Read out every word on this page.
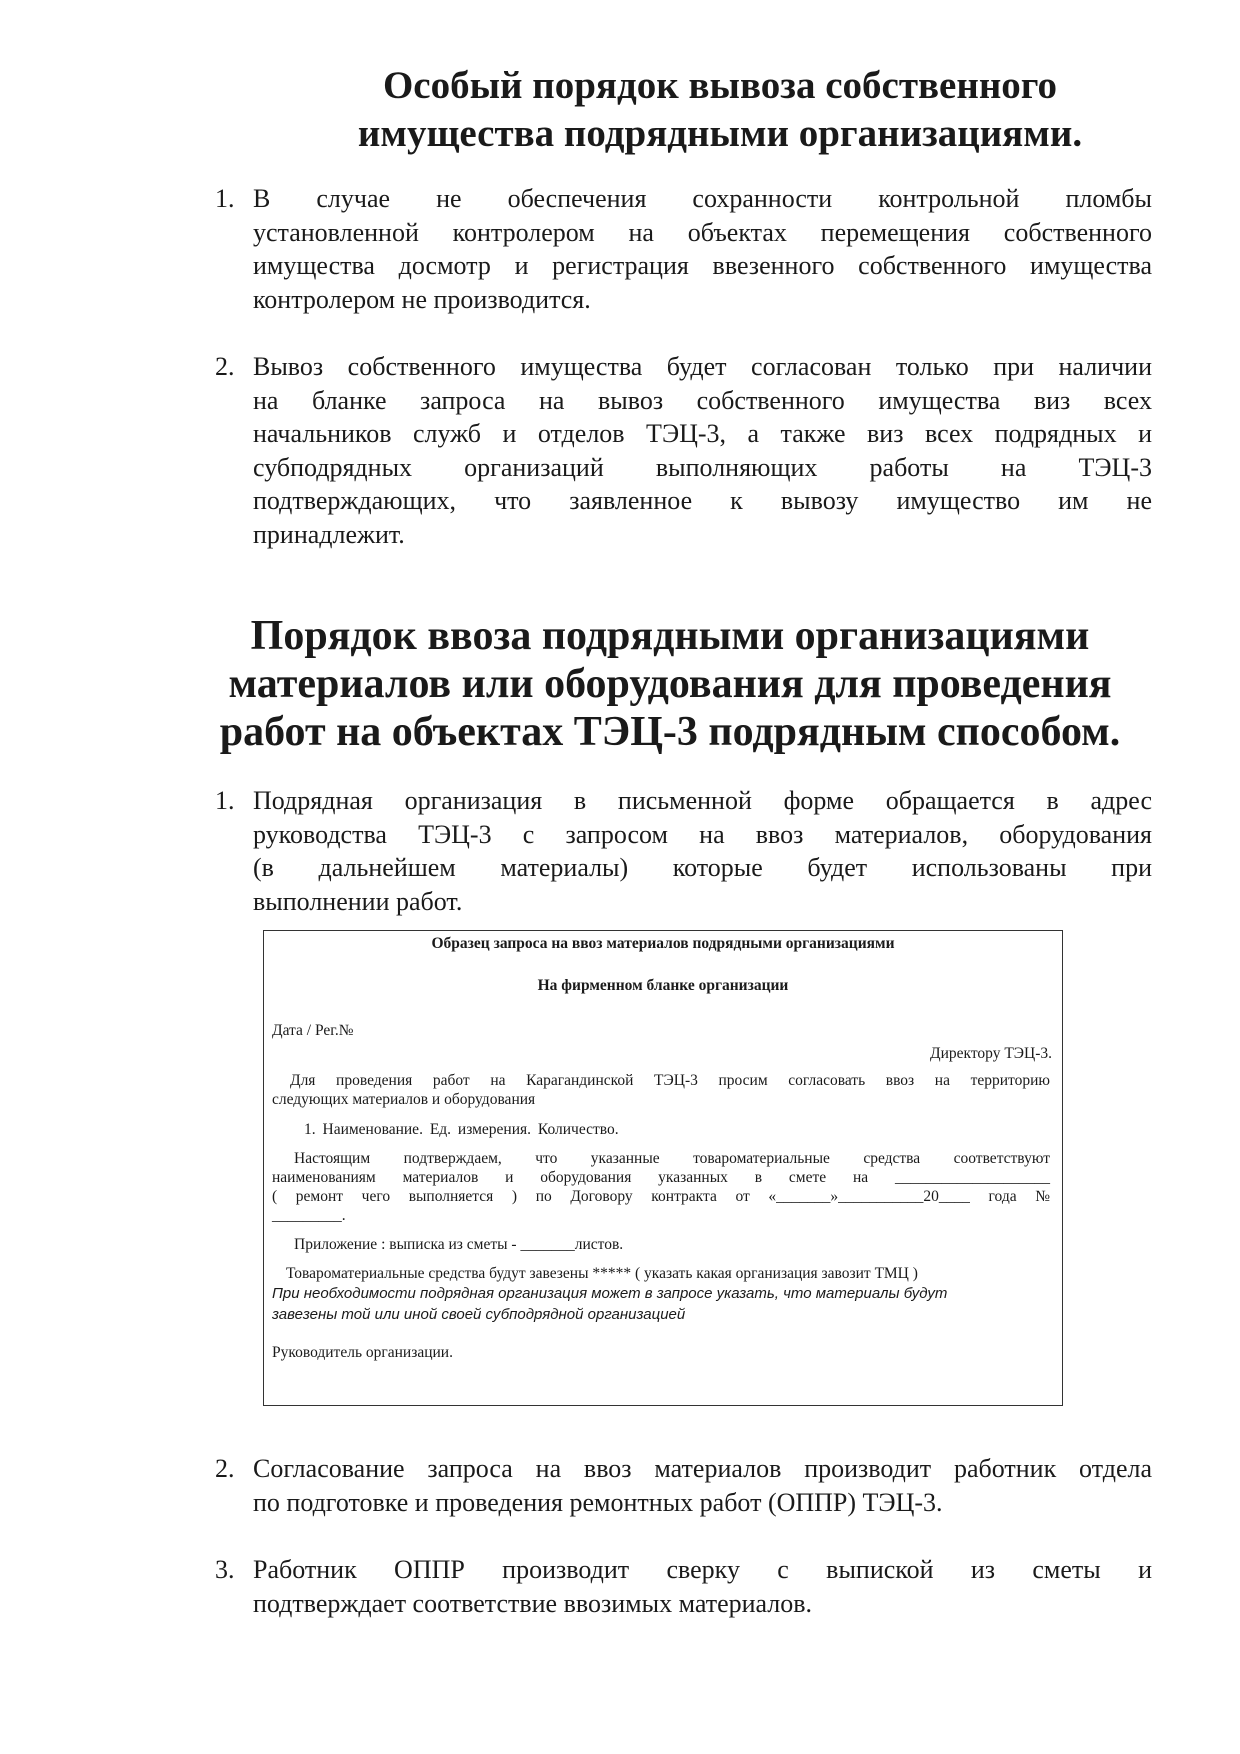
Особый порядок вывоза собственного
имущества подрядными организациями.
1. В случае не обеспечения сохранности контрольной пломбы
установленной контролером на объектах перемещения собственного
имущества досмотр и регистрация ввезенного собственного имущества
контролером не производится.
2. Вывоз собственного имущества будет согласован только при наличии
на бланке запроса на вывоз собственного имущества виз всех
начальников служб и отделов ТЭЦ-3, а также виз всех подрядных и
субподрядных организаций выполняющих работы на ТЭЦ-3
подтверждающих, что заявленное к вывозу имущество им не
принадлежит.
Порядок ввоза подрядными организациями
материалов или оборудования для проведения
работ на объектах ТЭЦ-3 подрядным способом.
1. Подрядная организация в письменной форме обращается в адрес
руководства ТЭЦ-3 с запросом на ввоз материалов, оборудования
(в дальнейшем материалы) которые будет использованы при
выполнении работ.
Образец запроса на ввоз материалов подрядными организациями
На фирменном бланке организации
Дата / Рег.№
Директору ТЭЦ-3.
Для проведения работ на Карагандинской ТЭЦ-3 просим согласовать ввоз на территорию
следующих материалов и оборудования
1. Наименование. Ед. измерения. Количество.
Настоящим подтверждаем, что указанные товароматериальные средства соответствуют
наименованиям материалов и оборудования указанных в смете на ____________________
( ремонт чего выполняется ) по Договору контракта от «_______»___________20____ года №
_________.
Приложение : выписка из сметы - _______листов.
Товароматериальные средства будут завезены ***** ( указать какая организация завозит ТМЦ )
При необходимости подрядная организация может в запросе указать, что материалы будут
завезены той или иной своей субподрядной организацией
Руководитель организации.
2. Согласование запроса на ввоз материалов производит работник отдела
по подготовке и проведения ремонтных работ (ОППР) ТЭЦ-3.
3. Работник ОППР производит сверку с выпиской из сметы и
подтверждает соответствие ввозимых материалов.
